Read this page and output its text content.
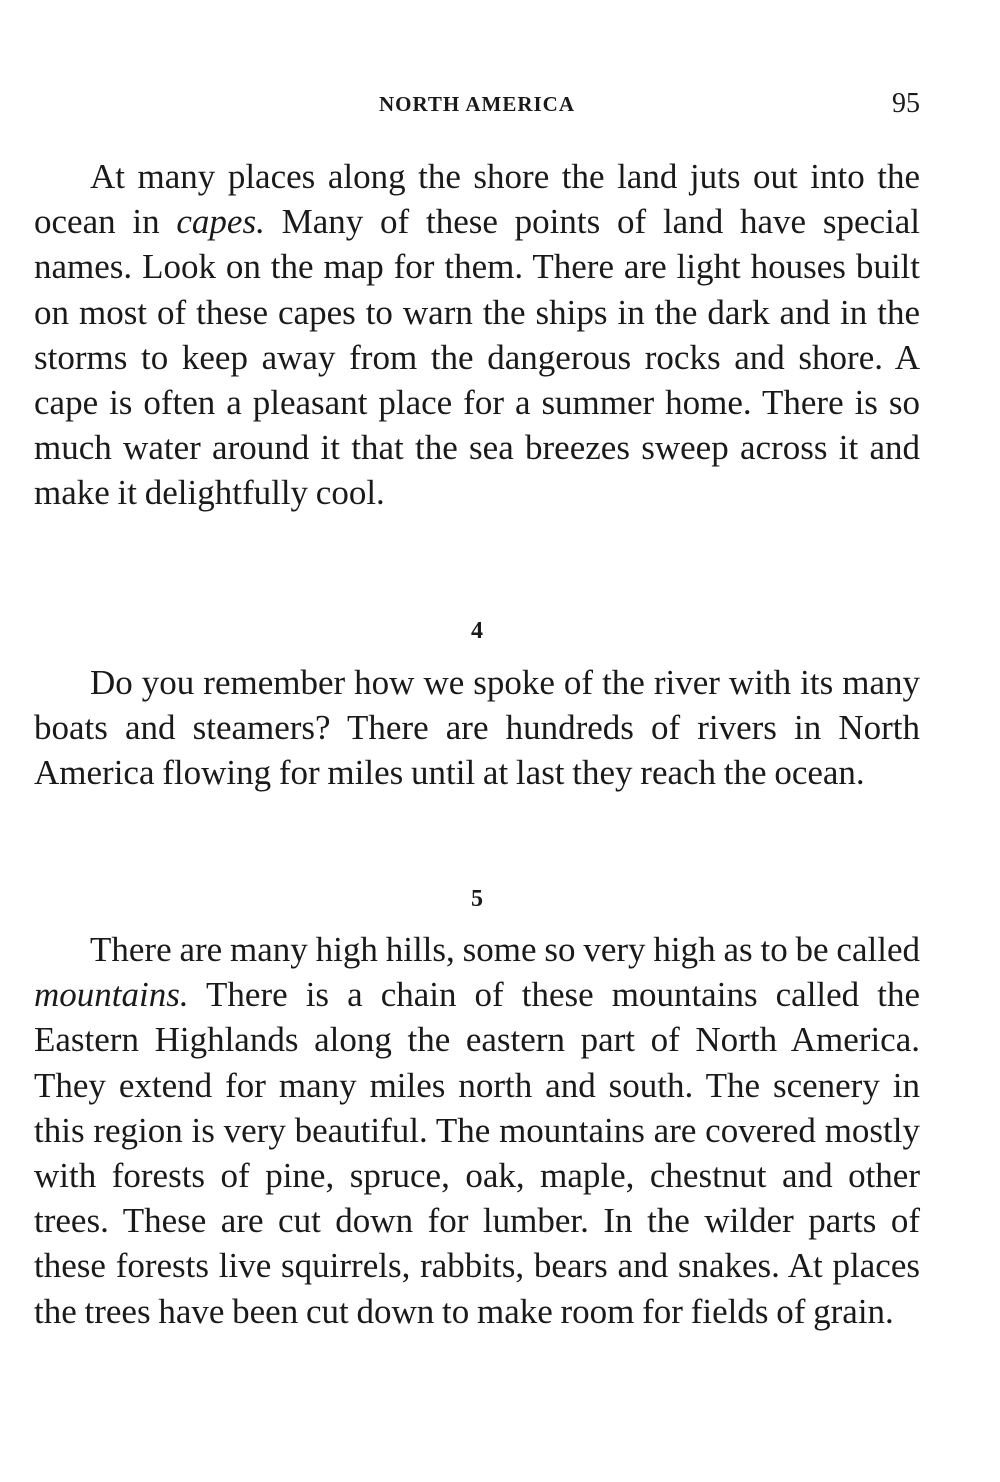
NORTH AMERICA	95

At many places along the shore the land juts out into the ocean in capes. Many of these points of land have special names. Look on the map for them. There are light houses built on most of these capes to warn the ships in the dark and in the storms to keep away from the dangerous rocks and shore. A cape is often a pleasant place for a summer home. There is so much water around it that the sea breezes sweep across it and make it delightfully cool.

4

Do you remember how we spoke of the river with its many boats and steamers? There are hundreds of rivers in North America flowing for miles until at last they reach the ocean.

5

There are many high hills, some so very high as to be called mountains. There is a chain of these mountains called the Eastern Highlands along the eastern part of North America. They extend for many miles north and south. The scenery in this region is very beautiful. The mountains are covered mostly with forests of pine, spruce, oak, maple, chestnut and other trees. These are cut down for lumber. In the wilder parts of these forests live squirrels, rabbits, bears and snakes. At places the trees have been cut down to make room for fields of grain.
